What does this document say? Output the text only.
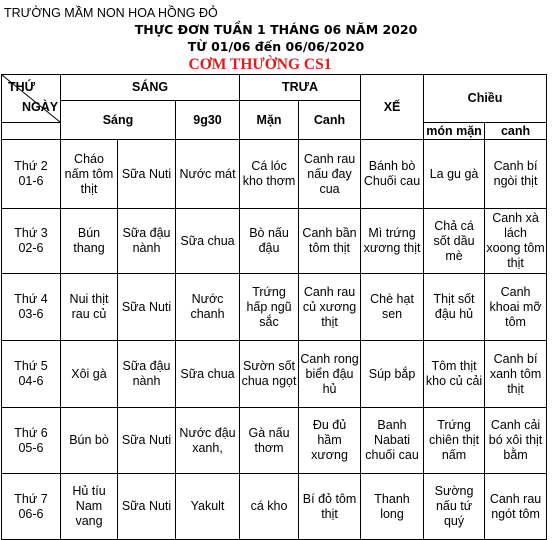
TRƯỜNG MẦM NON HOA HỒNG ĐỎ
THỰC ĐƠN TUẦN 1 THÁNG 06 NĂM 2020
TỪ 01/06 đến 06/06/2020
CƠM THƯỜNG CS1
THỨ
NGÀY	SÁNG			TRƯA		XẾ	Chiều	
	Sáng		9g30	Mặn	Canh			
							món mặn	canh
Thứ 2
01-6	Cháo nấm tôm thịt	Sữa Nuti	Nước mát	Cá lóc kho thơm	Canh rau nấu đay cua	Bánh bò Chuối cau	La gu gà	Canh bí ngòi thịt
Thứ 3
02-6	Bún thang	Sữa đậu nành	Sữa chua	Bò nấu đậu	Canh bần tôm thịt	Mì trứng xương thịt	Chả cá sốt dầu mè	Canh xà lách xoong tôm thịt
Thứ 4
03-6	Nui thịt rau củ	Sữa Nuti	Nước chanh	Trứng hấp ngũ sắc	Canh rau củ xương thịt	Chè hạt sen	Thịt sốt đậu hủ	Canh khoai mỡ tôm
Thứ 5
04-6	Xôi gà	Sữa đậu nành	Sữa chua	Sườn sốt chua ngọt	Canh rong biển đậu hủ	Súp bắp	Tôm thịt kho củ cải	Canh bí xanh tôm thịt
Thứ 6
05-6	Bún bò	Sữa Nuti	Nước đậu xanh,	Gà nấu thơm	Đu đủ hầm xương	Banh Nabati chuối cau	Trứng chiên thịt nấm	Canh cải bó xôi thịt bằm
Thứ 7
06-6	Hủ tíu Nam vang	Sữa Nuti	Yakult	cá kho	Bí đỏ tôm thịt	Thanh long	Sường nấu tứ quý	Canh rau ngót tôm
